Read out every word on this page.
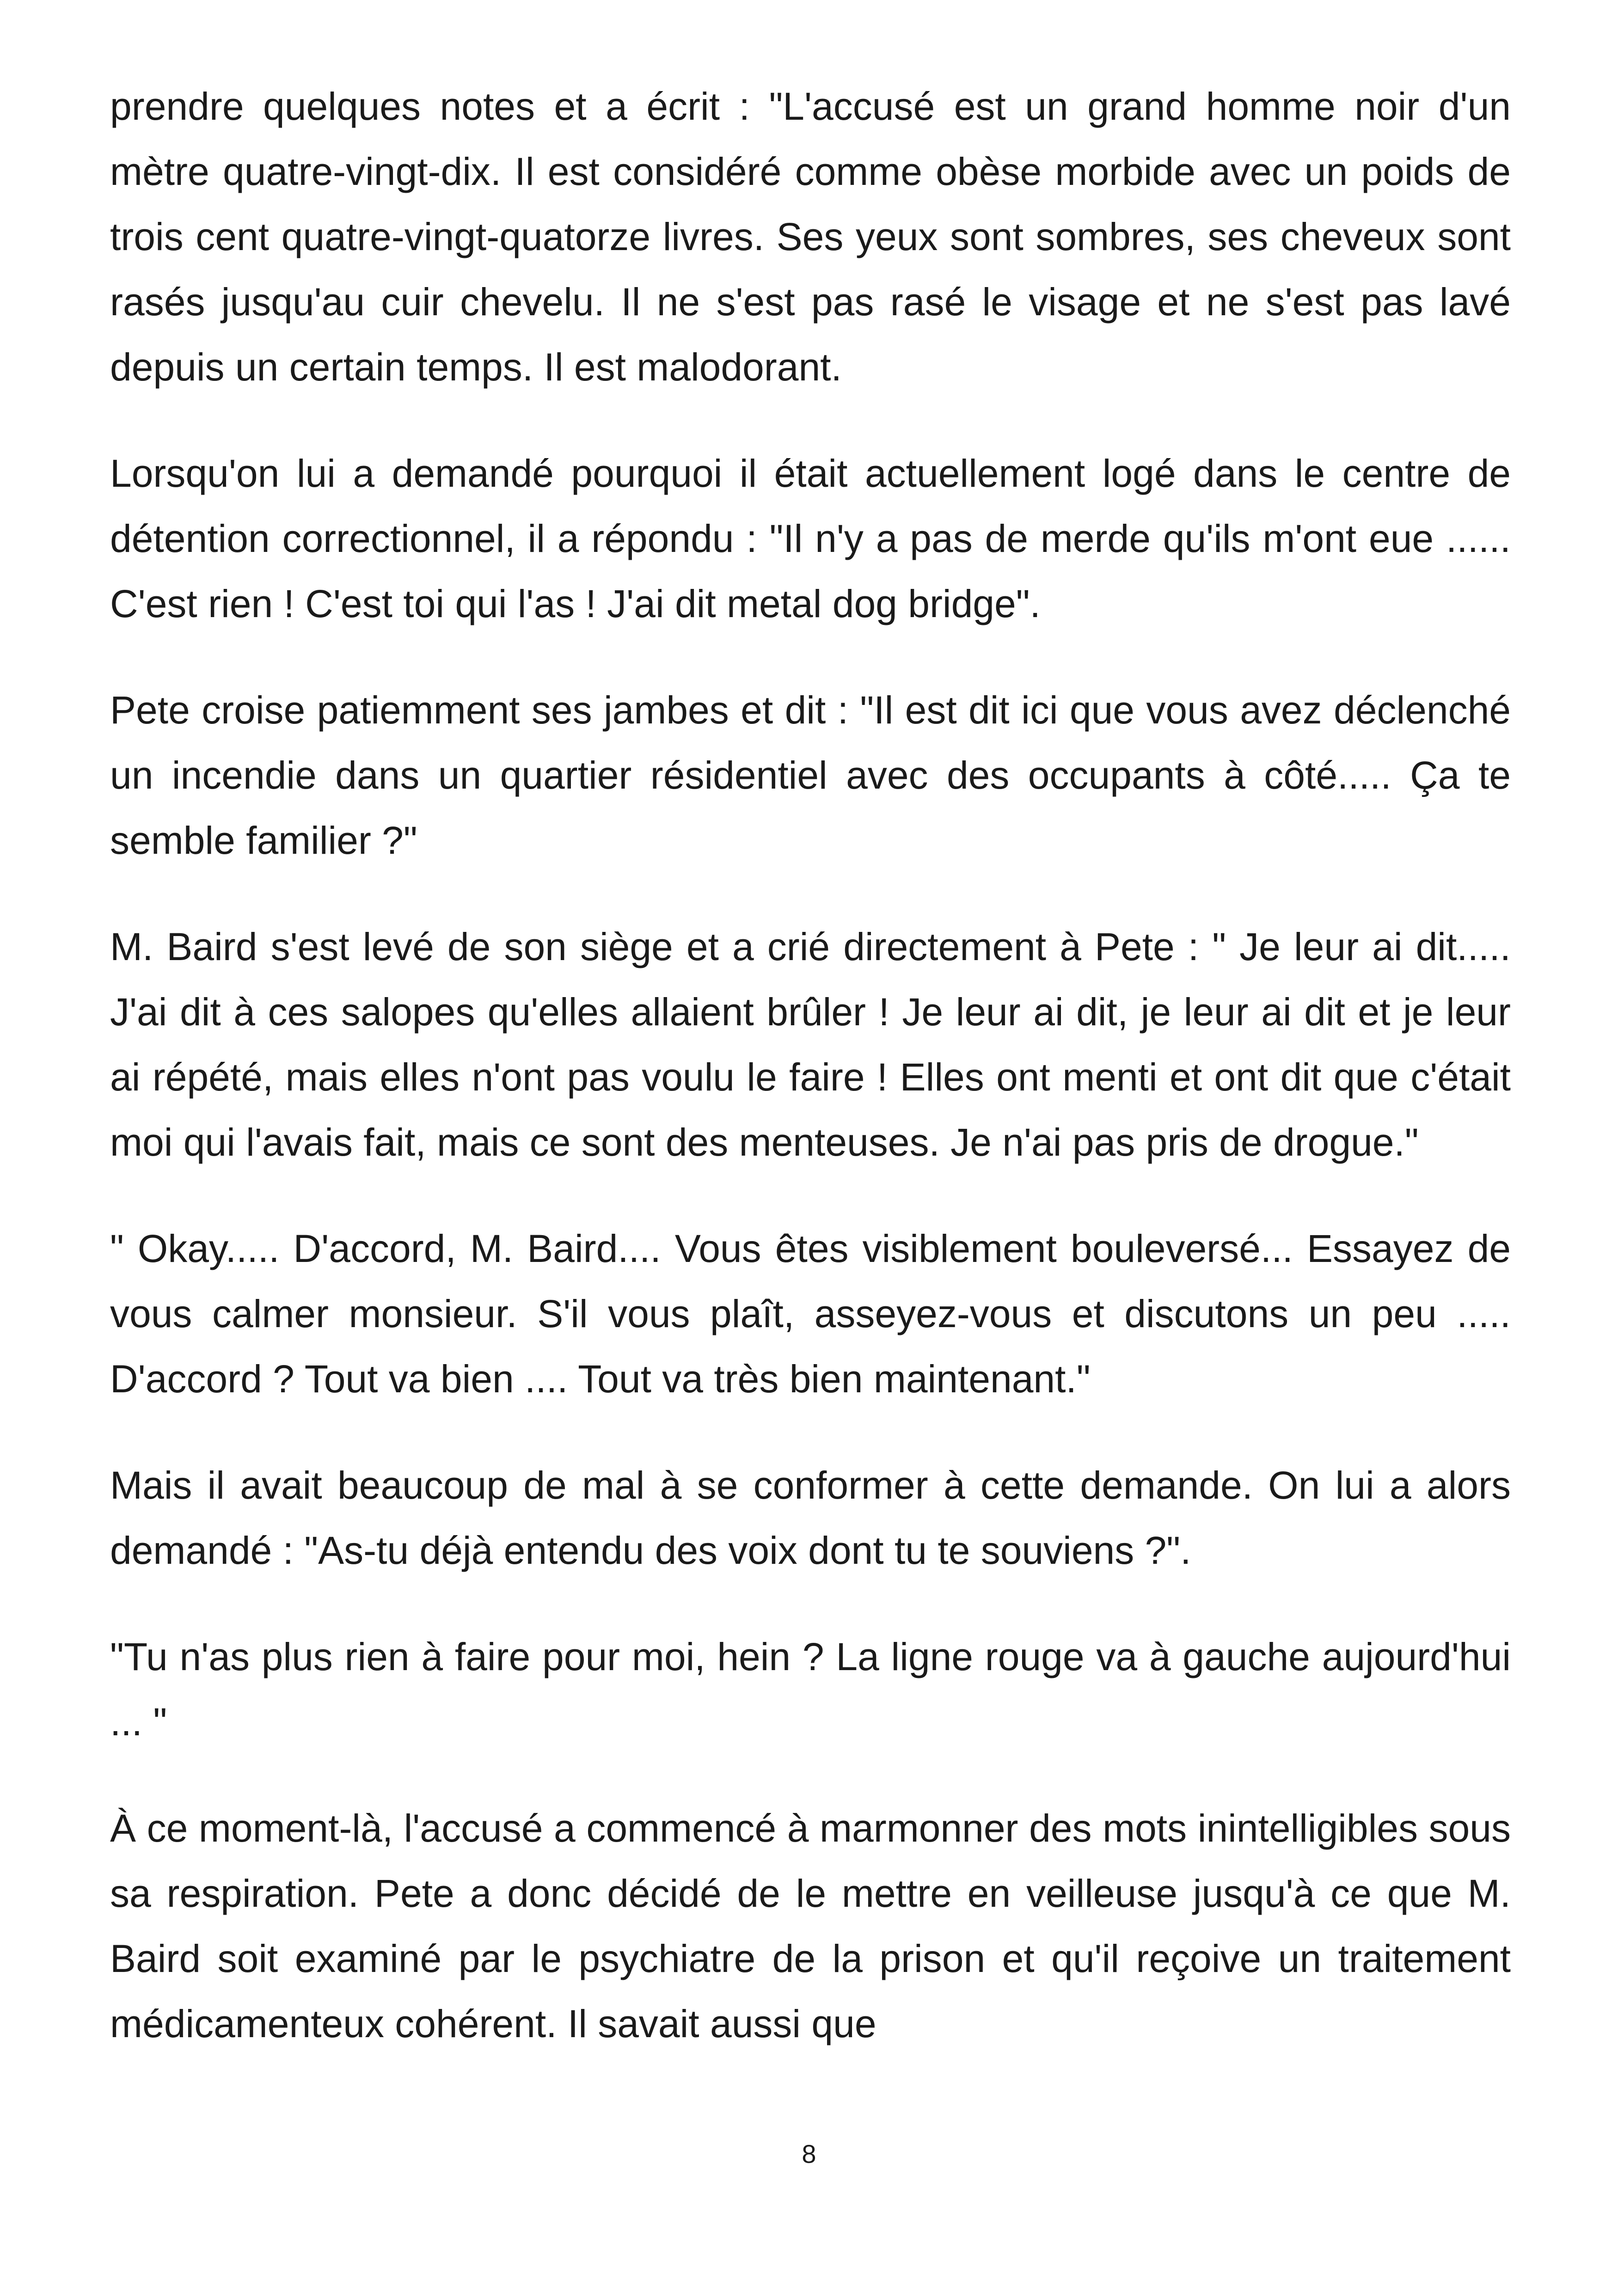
prendre quelques notes et a écrit : "L'accusé est un grand homme noir d'un mètre quatre-vingt-dix. Il est considéré comme obèse morbide avec un poids de trois cent quatre-vingt-quatorze livres. Ses yeux sont sombres, ses cheveux sont rasés jusqu'au cuir chevelu. Il ne s'est pas rasé le visage et ne s'est pas lavé depuis un certain temps. Il est malodorant.

Lorsqu'on lui a demandé pourquoi il était actuellement logé dans le centre de détention correctionnel, il a répondu : "Il n'y a pas de merde qu'ils m'ont eue ...... C'est rien ! C'est toi qui l'as ! J'ai dit metal dog bridge".

Pete croise patiemment ses jambes et dit : "Il est dit ici que vous avez déclenché un incendie dans un quartier résidentiel avec des occupants à côté..... Ça te semble familier ?"

M. Baird s'est levé de son siège et a crié directement à Pete : " Je leur ai dit..... J'ai dit à ces salopes qu'elles allaient brûler ! Je leur ai dit, je leur ai dit et je leur ai répété, mais elles n'ont pas voulu le faire ! Elles ont menti et ont dit que c'était moi qui l'avais fait, mais ce sont des menteuses. Je n'ai pas pris de drogue."

" Okay..... D'accord, M. Baird.... Vous êtes visiblement bouleversé... Essayez de vous calmer monsieur. S'il vous plaît, asseyez-vous et discutons un peu ..... D'accord ? Tout va bien .... Tout va très bien maintenant."

Mais il avait beaucoup de mal à se conformer à cette demande. On lui a alors demandé : "As-tu déjà entendu des voix dont tu te souviens ?".

"Tu n'as plus rien à faire pour moi, hein ? La ligne rouge va à gauche aujourd'hui ... "

À ce moment-là, l'accusé a commencé à marmonner des mots inintelligibles sous sa respiration. Pete a donc décidé de le mettre en veilleuse jusqu'à ce que M. Baird soit examiné par le psychiatre de la prison et qu'il reçoive un traitement médicamenteux cohérent. Il savait aussi que

8
